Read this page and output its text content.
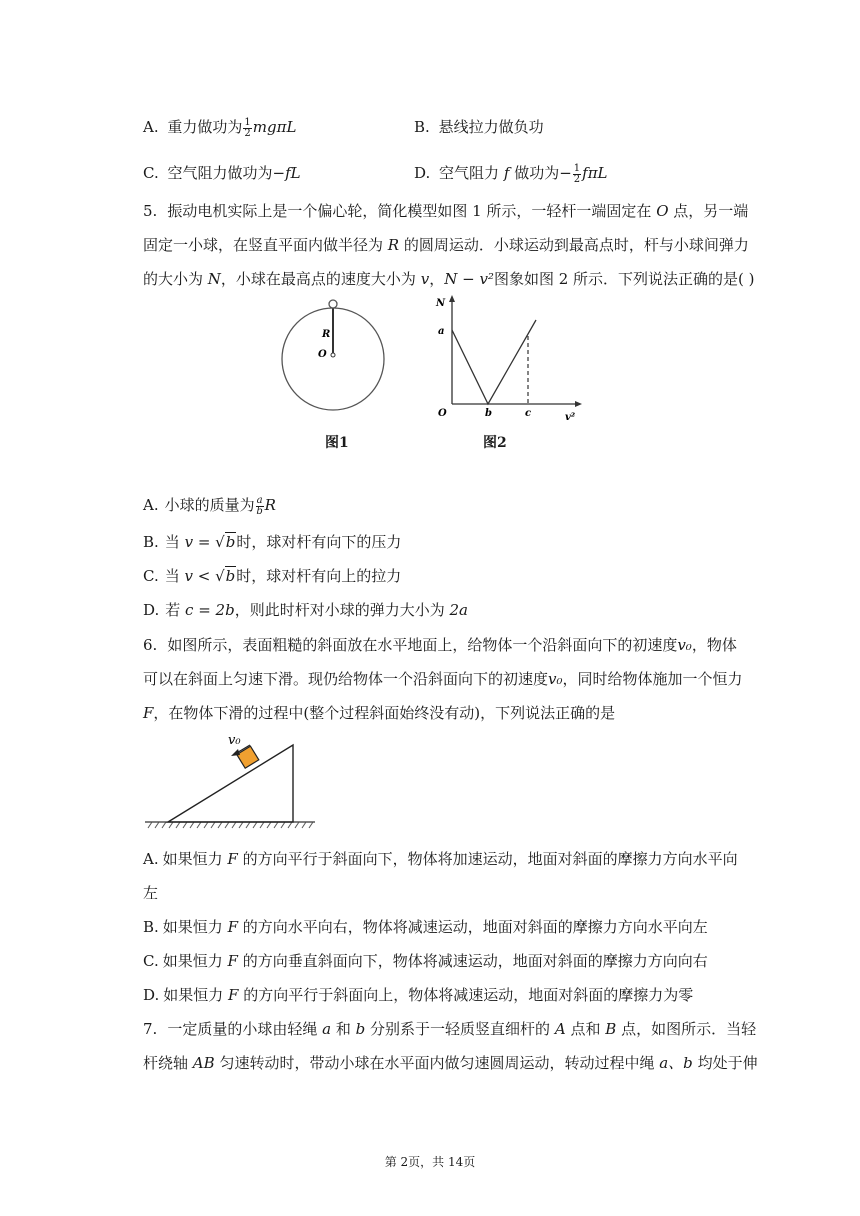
A. 重力做功为 $\frac{1}{2}$ mgπL	B. 悬线拉力做负功
C. 空气阻力做功为−fL	D. 空气阻力 f 做功为− $\frac{1}{2}$ fπL
5. 振动电机实际上是一个偏心轮，简化模型如图 1 所示，一轻杆一端固定在 O 点，另一端
固定一小球，在竖直平面内做半径为 R 的圆周运动．小球运动到最高点时，杆与小球间弹力
的大小为 N，小球在最高点的速度大小为 v，N − v²图象如图 2 所示．下列说法正确的是( )
R
O
图1
N
a
O	b	c	v²
图2
A. 小球的质量为 $\frac{a}{b}$ R
B. 当 v = √b时，球对杆有向下的压力
C. 当 v < √b时，球对杆有向上的拉力
D. 若 c = 2b，则此时杆对小球的弹力大小为 2a
6. 如图所示，表面粗糙的斜面放在水平地面上，给物体一个沿斜面向下的初速度v₀，物体
可以在斜面上匀速下滑。现仍给物体一个沿斜面向下的初速度v₀，同时给物体施加一个恒力
F，在物体下滑的过程中(整个过程斜面始终没有动)，下列说法正确的是
v₀
A. 如果恒力 F 的方向平行于斜面向下，物体将加速运动，地面对斜面的摩擦力方向水平向
左
B. 如果恒力 F 的方向水平向右，物体将减速运动，地面对斜面的摩擦力方向水平向左
C. 如果恒力 F 的方向垂直斜面向下，物体将减速运动，地面对斜面的摩擦力方向向右
D. 如果恒力 F 的方向平行于斜面向上，物体将减速运动，地面对斜面的摩擦力为零
7. 一定质量的小球由轻绳 a 和 b 分别系于一轻质竖直细杆的 A 点和 B 点，如图所示．当轻
杆绕轴 AB 匀速转动时，带动小球在水平面内做匀速圆周运动，转动过程中绳 a、b 均处于伸
第 2页，共 14页
